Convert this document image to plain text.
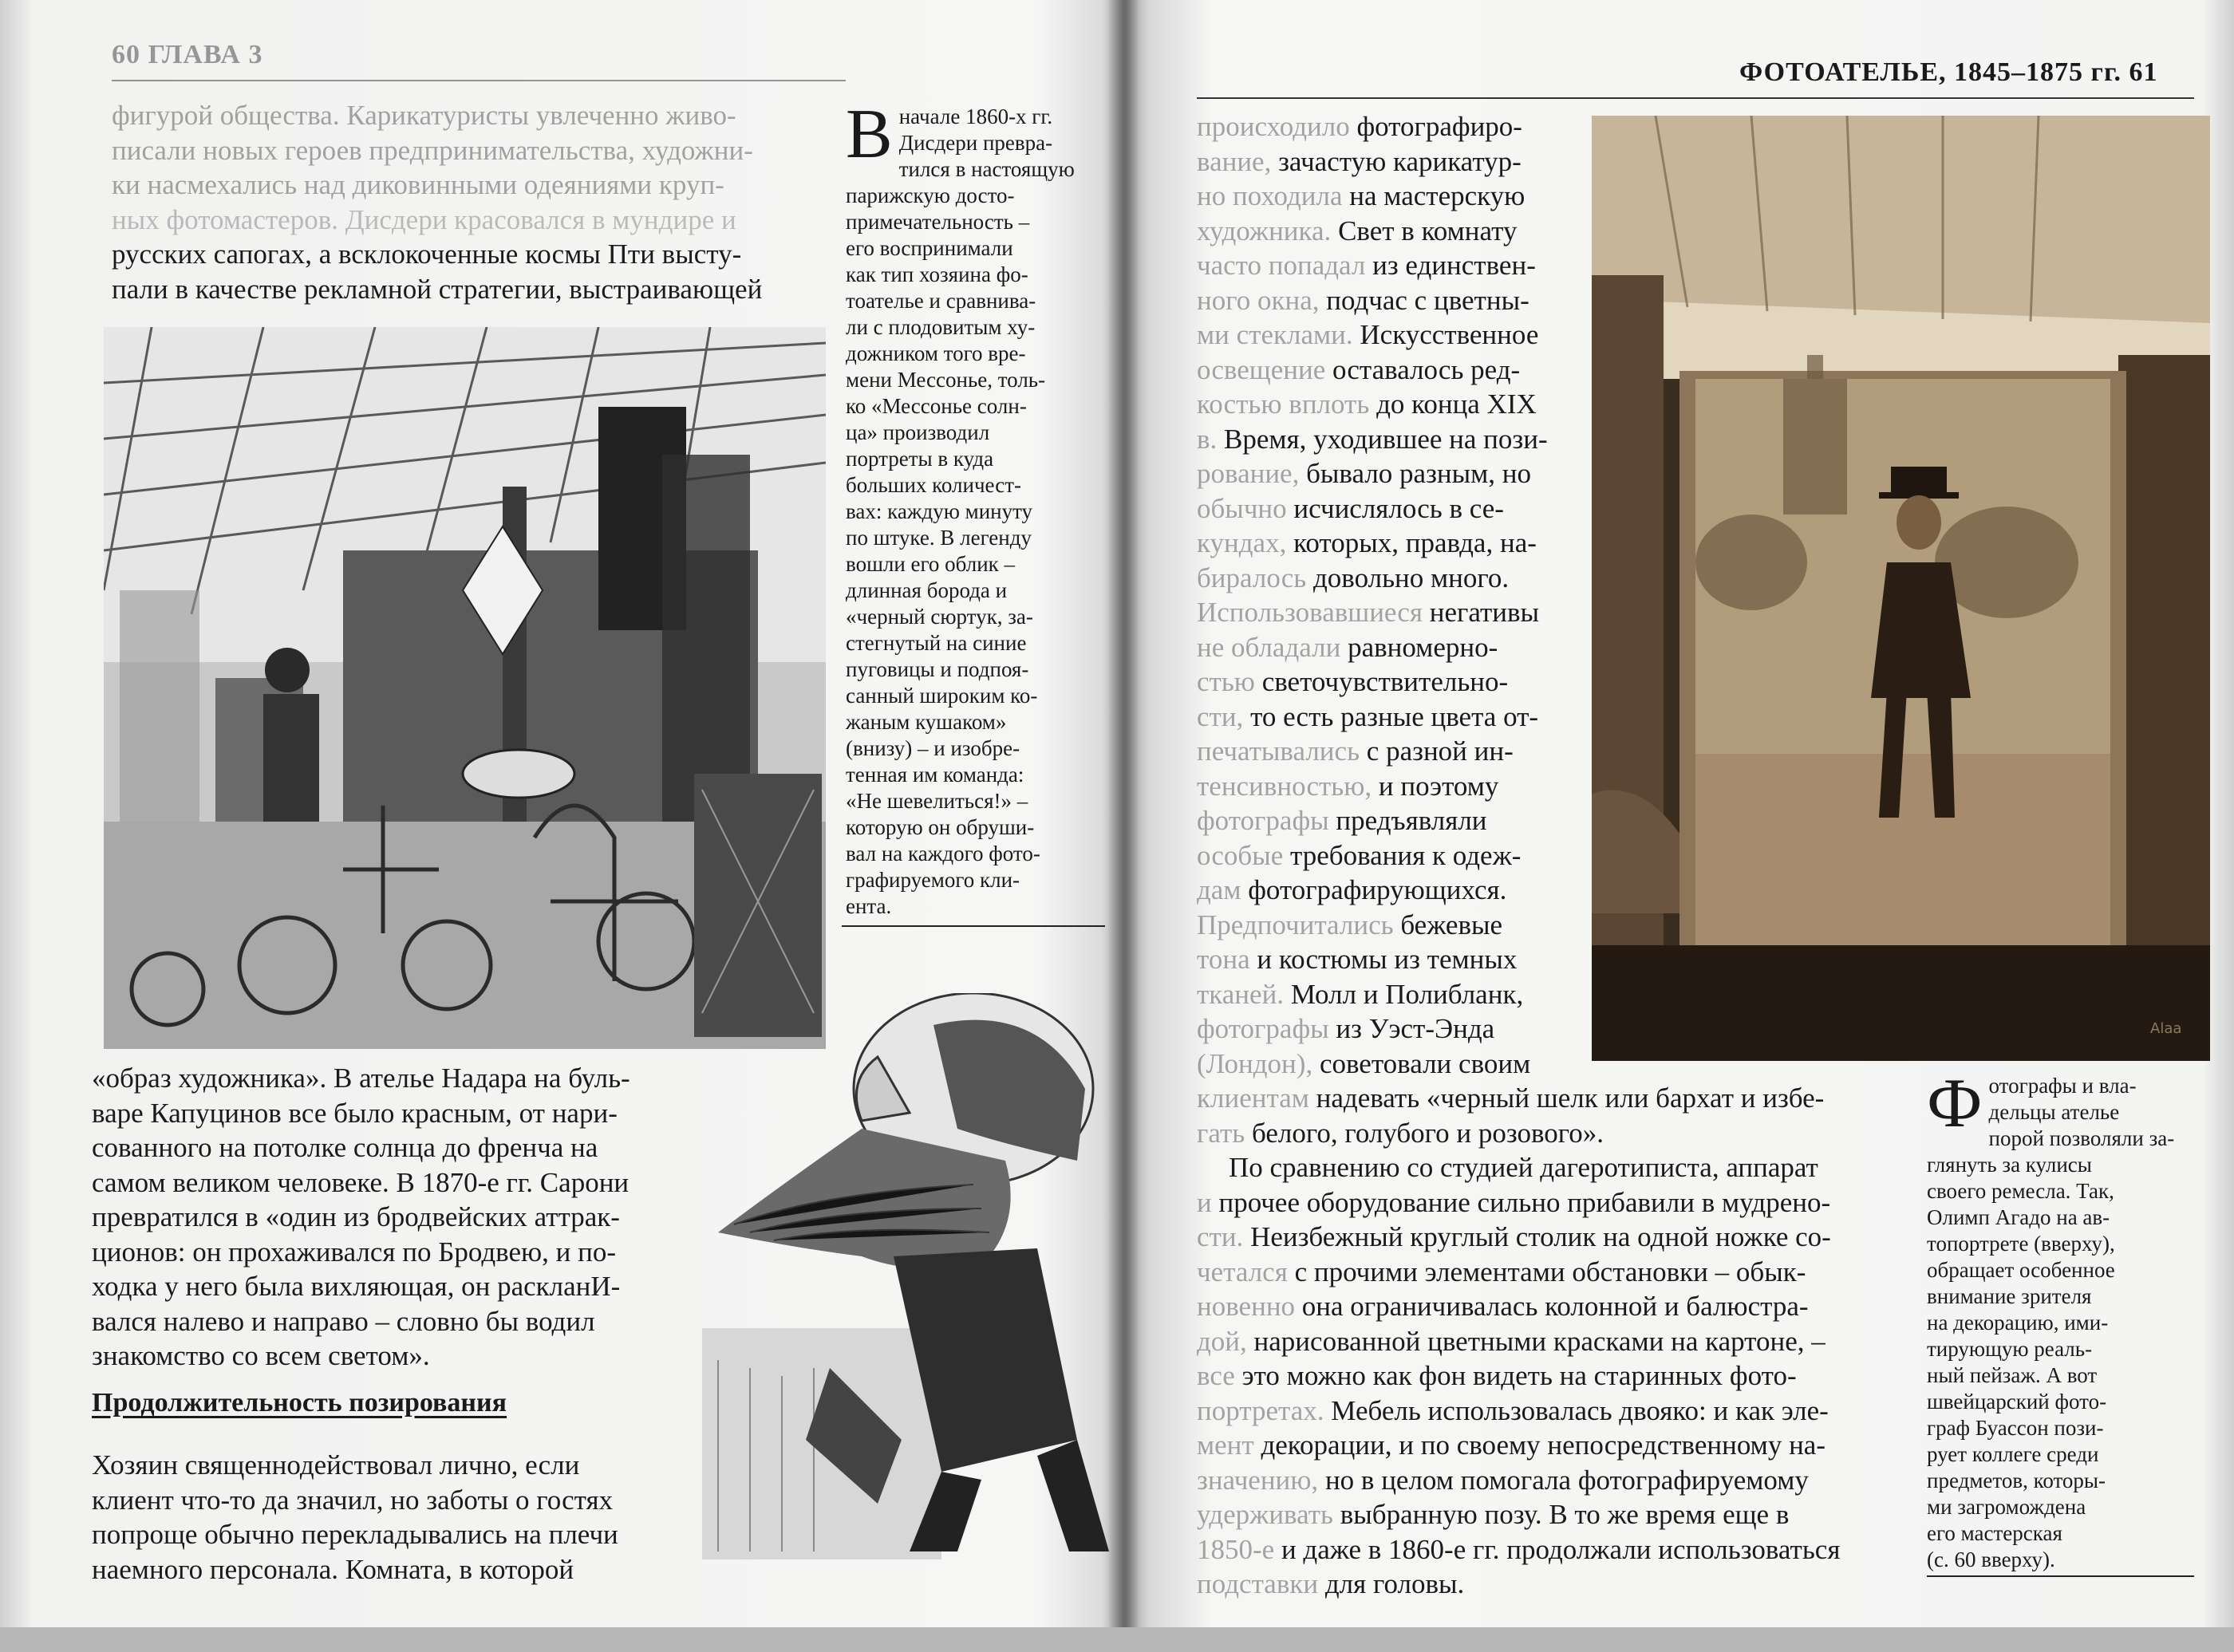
60 ГЛАВА 3
фигурой общества. Карикатуристы увлеченно живо-
писали новых героев предпринимательства, художни-
ки насмехались над диковинными одеяниями круп-
ных фотомастеров. Дисдери красовался в мундире и
русских сапогах, а всклокоченные космы Пти высту-
пали в качестве рекламной стратегии, выстраивающей
В начале 1860-х гг.
Дисдери превра-
тился в настоящую
парижскую досто-
примечательность –
его воспринимали
как тип хозяина фо-
тоателье и сравнива-
ли с плодовитым ху-
дожником того вре-
мени Мессонье, толь-
ко «Мессонье солн-
ца» производил
портреты в куда
больших количест-
вах: каждую минуту
по штуке. В легенду
вошли его облик –
длинная борода и
«черный сюртук, за-
стегнутый на синие
пуговицы и подпоя-
санный широким ко-
жаным кушаком»
(внизу) – и изобре-
тенная им команда:
«Не шевелиться!» –
которую он обруши-
вал на каждого фото-
графируемого кли-
ента.
«образ художника». В ателье Надара на буль-
варе Капуцинов все было красным, от нари-
сованного на потолке солнца до френча на
самом великом человеке. В 1870-е гг. Сарони
превратился в «один из бродвейских аттрак-
ционов: он прохаживался по Бродвею, и по-
ходка у него была вихляющая, он раскланИ-
вался налево и направо – словно бы водил
знакомство со всем светом».
Продолжительность позирования
Хозяин священнодействовал лично, если
клиент что-то да значил, но заботы о гостях
попроще обычно перекладывались на плечи
наемного персонала. Комната, в которой
ФОТОАТЕЛЬЕ, 1845–1875 гг. 61
происходило фотографиро-
вание, зачастую карикатур-
но походила на мастерскую
художника. Свет в комнату
часто попадал из единствен-
ного окна, подчас с цветны-
ми стеклами. Искусственное
освещение оставалось ред-
костью вплоть до конца XIX
в. Время, уходившее на пози-
рование, бывало разным, но
обычно исчислялось в се-
кундах, которых, правда, на-
биралось довольно много.
Использовавшиеся негативы
не обладали равномерно-
стью светочувствительно-
сти, то есть разные цвета от-
печатывались с разной ин-
тенсивностью, и поэтому
фотографы предъявляли
особые требования к одеж-
дам фотографирующихся.
Предпочитались бежевые
тона и костюмы из темных
тканей. Молл и Полибланк,
фотографы из Уэст-Энда
(Лондон), советовали своим
Alaa
клиентам надевать «черный шелк или бархат и избе-
гать белого, голубого и розового».
По сравнению со студией дагеротиписта, аппарат
и прочее оборудование сильно прибавили в мудрено-
сти. Неизбежный круглый столик на одной ножке со-
четался с прочими элементами обстановки – обык-
новенно она ограничивалась колонной и балюстра-
дой, нарисованной цветными красками на картоне, –
все это можно как фон видеть на старинных фото-
портретах. Мебель использовалась двояко: и как эле-
мент декорации, и по своему непосредственному на-
значению, но в целом помогала фотографируемому
удерживать выбранную позу. В то же время еще в
1850-е и даже в 1860-е гг. продолжали использоваться
подставки для головы.
Ф отографы и вла-
дельцы ателье
порой позволяли за-
глянуть за кулисы
своего ремесла. Так,
Олимп Агадо на ав-
топортрете (вверху),
обращает особенное
внимание зрителя
на декорацию, ими-
тирующую реаль-
ный пейзаж. А вот
швейцарский фото-
граф Буассон пози-
рует коллеге среди
предметов, которы-
ми загромождена
его мастерская
(с. 60 вверху).
